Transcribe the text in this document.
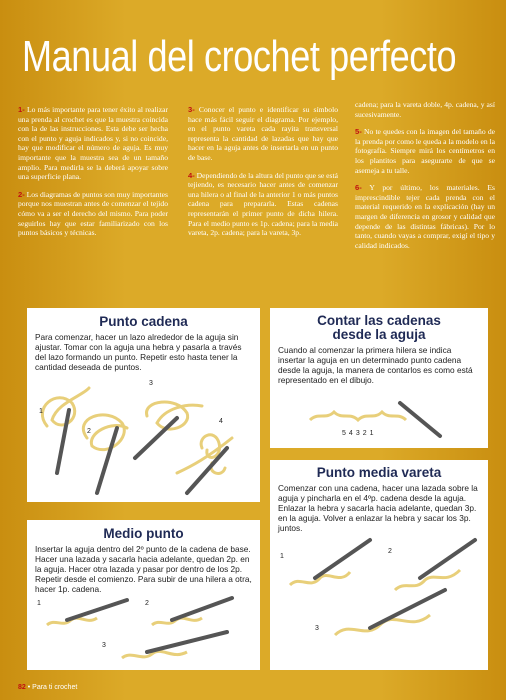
Manual del crochet perfecto

1- Lo más importante para tener éxito al realizar una prenda al crochet es que la muestra coincida con la de las instrucciones. Esta debe ser hecha con el punto y aguja indicados y, si no coincide, hay que modificar el número de aguja. Es muy importante que la muestra sea de un tamaño amplio. Para medirla se la deberá apoyar sobre una superficie plana.

2- Los diagramas de puntos son muy importantes porque nos muestran antes de comenzar el tejido cómo va a ser el derecho del mismo. Para poder seguirlos hay que estar familiarizado con los puntos básicos y técnicas.

3- Conocer el punto e identificar su símbolo hace más fácil seguir el diagrama. Por ejemplo, en el punto vareta cada rayita transversal representa la cantidad de lazadas que hay que hacer en la aguja antes de insertarla en un punto de base.

4- Dependiendo de la altura del punto que se está tejiendo, es necesario hacer antes de comenzar una hilera o al final de la anterior 1 o más puntos cadena para prepararla. Estas cadenas representarán el primer punto de dicha hilera. Para el medio punto es 1p. cadena; para la media vareta, 2p. cadena; para la vareta, 3p.

cadena; para la vareta doble, 4p. cadena, y así sucesivamente.

5- No te quedes con la imagen del tamaño de la prenda por como le queda a la modelo en la fotografía. Siempre mirá los centímetros en los plantitos para asegurarte de que se asemeja a tu talle.

6- Y por último, los materiales. Es imprescindible tejer cada prenda con el material requerido en la explicación (hay un margen de diferencia en grosor y calidad que depende de las distintas fábricas). Por lo tanto, cuando vayas a comprar, exigí el tipo y calidad indicados.

Punto cadena
Para comenzar, hacer un lazo alrededor de la aguja sin ajustar. Tomar con la aguja una hebra y pasarla a través del lazo formando un punto. Repetir esto hasta tener la cantidad deseada de puntos.
1
2
3
4
Contar las cadenas
desde la aguja
Cuando al comenzar la primera hilera se indica insertar la aguja en un determinado punto cadena desde la aguja, la manera de contarlos es como está representado en el dibujo.
54321
Punto media vareta
Comenzar con una cadena, hacer una lazada sobre la aguja y pincharla en el 4ºp. cadena desde la aguja. Enlazar la hebra y sacarla hacia adelante, quedan 3p. en la aguja. Volver a enlazar la hebra y sacar los 3p. juntos.
1
2
3
Medio punto
Insertar la aguja dentro del 2º punto de la cadena de base. Hacer una lazada y sacarla hacia adelante, quedan 2p. en la aguja. Hacer otra lazada y pasar por dentro de los 2p. Repetir desde el comienzo. Para subir de una hilera a otra, hacer 1p. cadena.
1	2
3
82 • Para ti crochet
